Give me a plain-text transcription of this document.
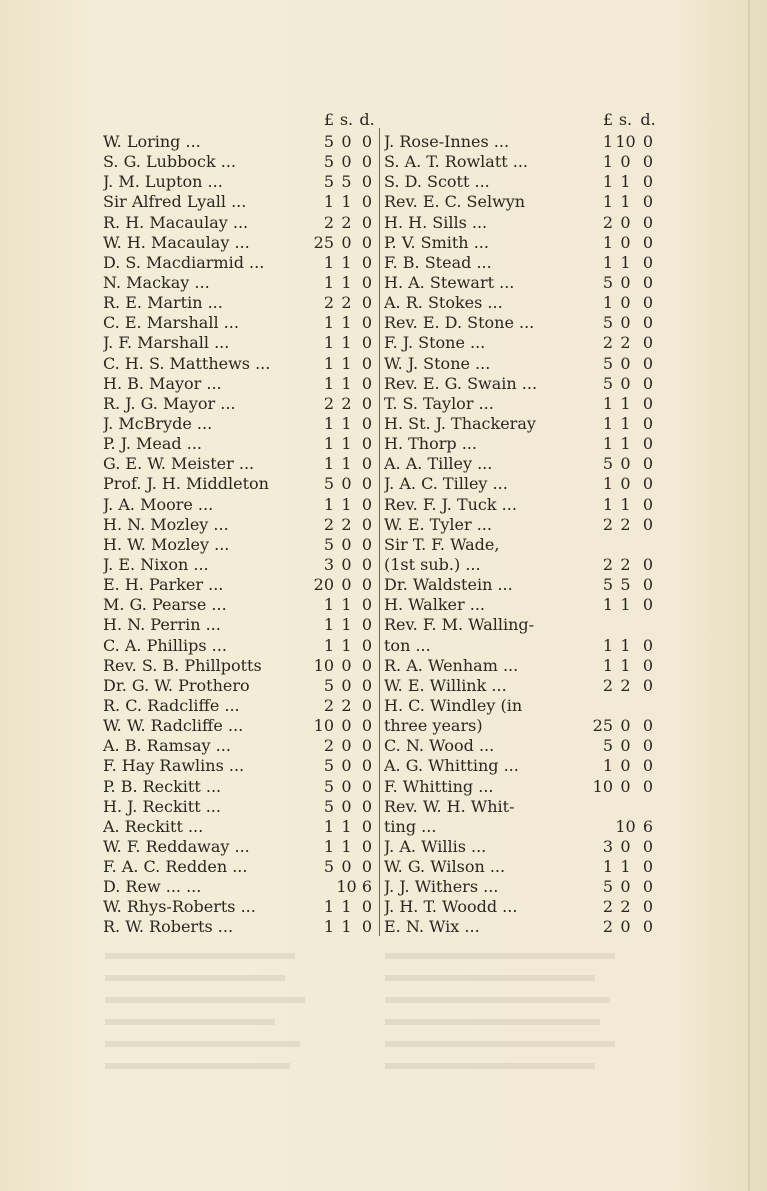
£ s. d.
W. Loring ...	5 0 0
S. G. Lubbock ...	5 0 0
J. M. Lupton ...	5 5 0
Sir Alfred Lyall ...	1 1 0
R. H. Macaulay ...	2 2 0
W. H. Macaulay ...	25 0 0
D. S. Macdiarmid ...	1 1 0
N. Mackay ...	1 1 0
R. E. Martin ...	2 2 0
C. E. Marshall ...	1 1 0
J. F. Marshall ...	1 1 0
C. H. S. Matthews ...	1 1 0
H. B. Mayor ...	1 1 0
R. J. G. Mayor ...	2 2 0
J. McBryde ...	1 1 0
P. J. Mead ...	1 1 0
G. E. W. Meister ...	1 1 0
Prof. J. H. Middleton	5 0 0
J. A. Moore ...	1 1 0
H. N. Mozley ...	2 2 0
H. W. Mozley ...	5 0 0
J. E. Nixon ...	3 0 0
E. H. Parker ...	20 0 0
M. G. Pearse ...	1 1 0
H. N. Perrin ...	1 1 0
C. A. Phillips ...	1 1 0
Rev. S. B. Phillpotts	10 0 0
Dr. G. W. Prothero	5 0 0
R. C. Radcliffe ...	2 2 0
W. W. Radcliffe ...	10 0 0
A. B. Ramsay ...	2 0 0
F. Hay Rawlins ...	5 0 0
P. B. Reckitt ...	5 0 0
H. J. Reckitt ...	5 0 0
A. Reckitt ...	1 1 0
W. F. Reddaway ...	1 1 0
F. A. C. Redden ...	5 0 0
D. Rew ... ...	10 6
W. Rhys-Roberts ...	1 1 0
R. W. Roberts ...	1 1 0
£ s. d.
J. Rose-Innes ...	1 10 0
S. A. T. Rowlatt ...	1 0 0
S. D. Scott ...	1 1 0
Rev. E. C. Selwyn	1 1 0
H. H. Sills ...	2 0 0
P. V. Smith ...	1 0 0
F. B. Stead ...	1 1 0
H. A. Stewart ...	5 0 0
A. R. Stokes ...	1 0 0
Rev. E. D. Stone ...	5 0 0
F. J. Stone ...	2 2 0
W. J. Stone ...	5 0 0
Rev. E. G. Swain ...	5 0 0
T. S. Taylor ...	1 1 0
H. St. J. Thackeray	1 1 0
H. Thorp ...	1 1 0
A. A. Tilley ...	5 0 0
J. A. C. Tilley ...	1 0 0
Rev. F. J. Tuck ...	1 1 0
W. E. Tyler ...	2 2 0
Sir T. F. Wade,
(1st sub.) ...	2 2 0
Dr. Waldstein ...	5 5 0
H. Walker ...	1 1 0
Rev. F. M. Walling-
ton ...	1 1 0
R. A. Wenham ...	1 1 0
W. E. Willink ...	2 2 0
H. C. Windley (in
three years)	25 0 0
C. N. Wood ...	5 0 0
A. G. Whitting ...	1 0 0
F. Whitting ...	10 0 0
Rev. W. H. Whit-
ting ...	10 6
J. A. Willis ...	3 0 0
W. G. Wilson ...	1 1 0
J. J. Withers ...	5 0 0
J. H. T. Woodd ...	2 2 0
E. N. Wix ...	2 0 0
